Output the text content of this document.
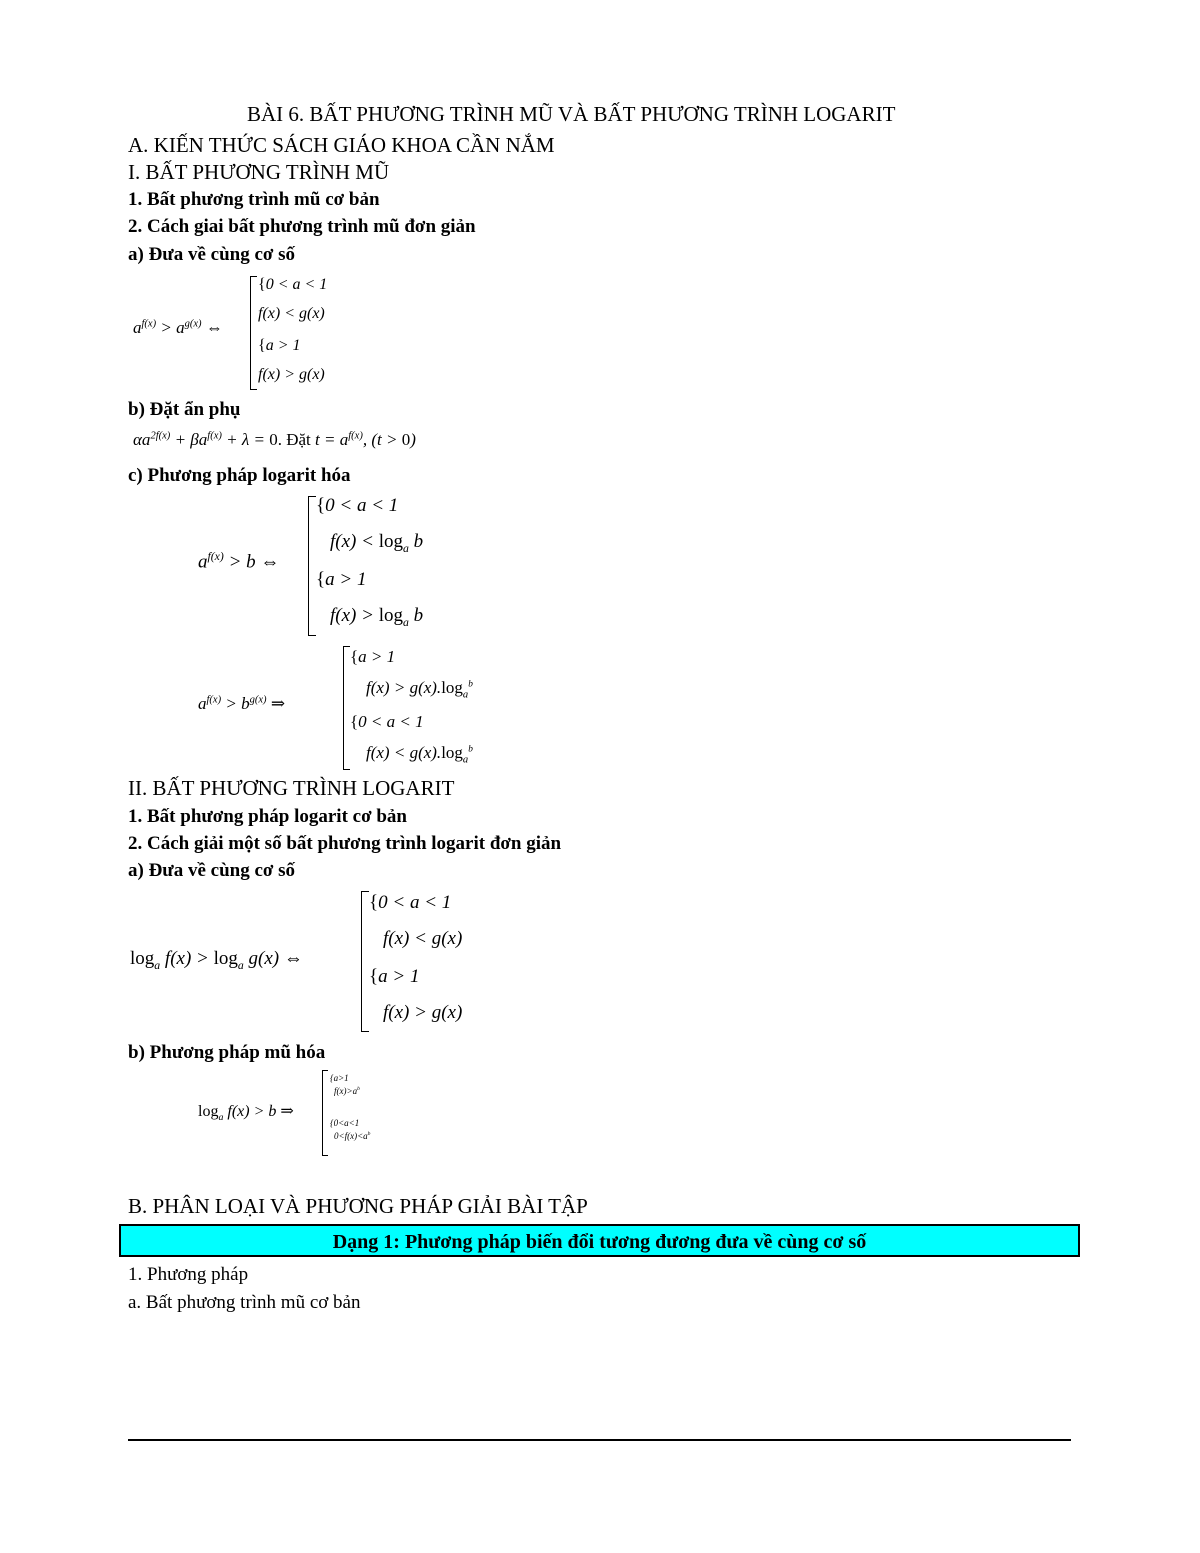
BÀI 6. BẤT PHƯƠNG TRÌNH MŨ VÀ BẤT PHƯƠNG TRÌNH LOGARIT
A. KIẾN THỨC SÁCH GIÁO KHOA CẦN NẮM
I. BẤT PHƯƠNG TRÌNH MŨ
1. Bất phương trình mũ cơ bản
2. Cách giai bất phương trình mũ đơn giản
a) Đưa về cùng cơ số
$a^{f(x)} > a^{g(x)}$ ⇔
{0 < a < 1
f(x) < g(x)
{a > 1
f(x) > g(x)
b) Đặt ẩn phụ
$\alpha a^{2f(x)} + \beta a^{f(x)} + \lambda = 0$. Đặt $t = a^{f(x)}$, (t > 0)
c) Phương pháp logarit hóa
$a^{f(x)} > b$ ⇔
{0 < a < 1
$f(x) < \log_a b$
{a > 1
$f(x) > \log_a b$
$a^{f(x)} > b^{g(x)}$ ⇒
{a > 1
$f(x) > g(x).\log_a^b$
{0 < a < 1
$f(x) < g(x).\log_a^b$
II. BẤT PHƯƠNG TRÌNH LOGARIT
1. Bất phương pháp logarit cơ bản
2. Cách giải một số bất phương trình logarit đơn giản
a) Đưa về cùng cơ số
$\log_a f(x) > \log_a g(x)$ ⇔
{0 < a < 1
f(x) < g(x)
{a > 1
f(x) > g(x)
b) Phương pháp mũ hóa
$\log_a f(x) > b$ ⇒
{a>1
$f(x)>a^b$
{0<a<1
$0<f(x)<a^b$
B. PHÂN LOẠI VÀ PHƯƠNG PHÁP GIẢI BÀI TẬP
Dạng 1: Phương pháp biến đổi tương đương đưa về cùng cơ số
1. Phương pháp
a. Bất phương trình mũ cơ bản
